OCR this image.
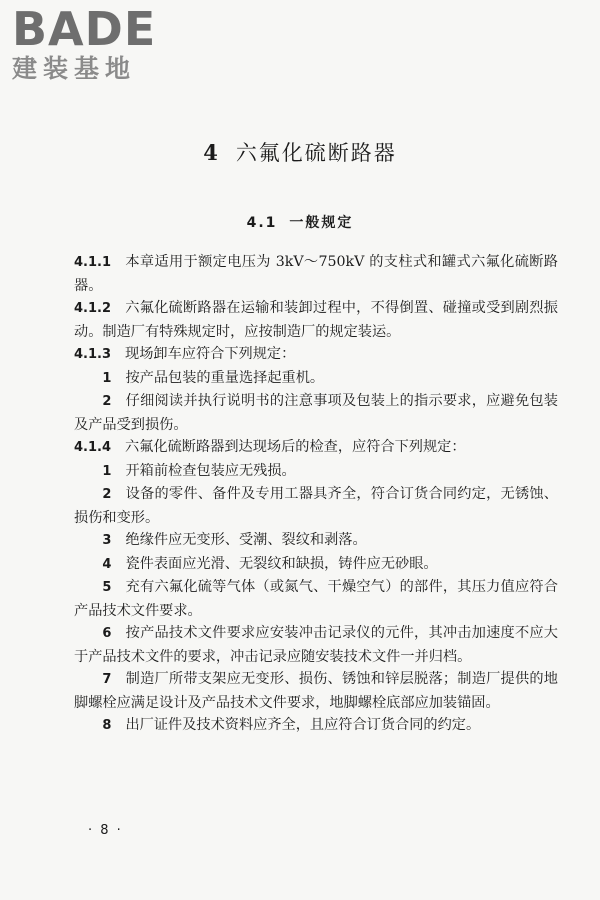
BADE
建装基地
4 六氟化硫断路器
4.1 一般规定

4.1.1 本章适用于额定电压为 3kV～750kV 的支柱式和罐式六氟化硫断路器。

4.1.2 六氟化硫断路器在运输和装卸过程中，不得倒置、碰撞或受到剧烈振动。制造厂有特殊规定时，应按制造厂的规定装运。

4.1.3 现场卸车应符合下列规定：

1 按产品包装的重量选择起重机。

2 仔细阅读并执行说明书的注意事项及包装上的指示要求，应避免包装及产品受到损伤。

4.1.4 六氟化硫断路器到达现场后的检查，应符合下列规定：

1 开箱前检查包装应无残损。

2 设备的零件、备件及专用工器具齐全，符合订货合同约定，无锈蚀、损伤和变形。

3 绝缘件应无变形、受潮、裂纹和剥落。

4 瓷件表面应光滑、无裂纹和缺损，铸件应无砂眼。

5 充有六氟化硫等气体（或氮气、干燥空气）的部件，其压力值应符合产品技术文件要求。

6 按产品技术文件要求应安装冲击记录仪的元件，其冲击加速度不应大于产品技术文件的要求，冲击记录应随安装技术文件一并归档。

7 制造厂所带支架应无变形、损伤、锈蚀和锌层脱落；制造厂提供的地脚螺栓应满足设计及产品技术文件要求，地脚螺栓底部应加装锚固。

8 出厂证件及技术资料应齐全，且应符合订货合同的约定。

· 8 ·
